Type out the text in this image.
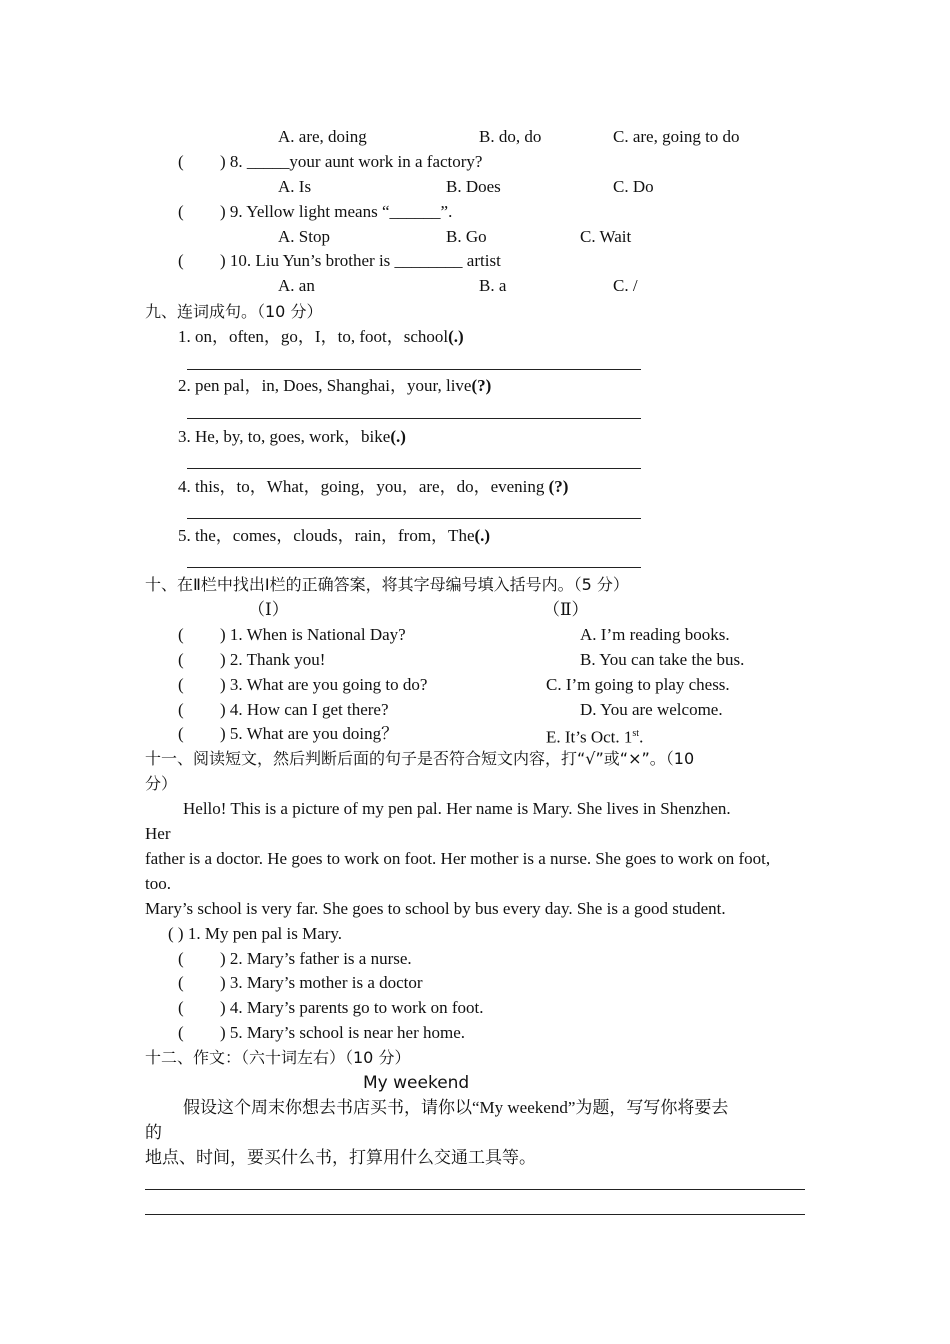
A. are, doing	B. do, do	C. are, going to do
( ) 8. _____your aunt work in a factory?
A. Is	B. Does	C. Do
( ) 9. Yellow light means “______”.
A. Stop	B. Go	C. Wait
( ) 10. Liu Yun’s brother is ________ artist
A. an	B. a	C. /
九、连词成句。（10 分）
1. on，often，go，I，to, foot，school(.)
2. pen pal，in, Does, Shanghai，your, live(?)
3. He, by, to, goes, work，bike(.)
4. this，to，What，going，you，are，do，evening (?)
5. the，comes，clouds，rain，from，The(.)
十、在Ⅱ栏中找出Ⅰ栏的正确答案，将其字母编号填入括号内。（5 分）
（Ⅰ）	（Ⅱ）
( ) 1. When is National Day?	A. I’m reading books.
( ) 2. Thank you!	B. You can take the bus.
( ) 3. What are you going to do?	C. I’m going to play chess.
( ) 4. How can I get there?	D. You are welcome.
( ) 5. What are you doing？	E. It’s Oct. 1st.
十一、阅读短文，然后判断后面的句子是否符合短文内容，打“√”或“×”。（10
分）
Hello! This is a picture of my pen pal. Her name is Mary. She lives in Shenzhen.
Her
father is a doctor. He goes to work on foot. Her mother is a nurse. She goes to work on foot,
too.
Mary’s school is very far. She goes to school by bus every day. She is a good student.
( ) 1. My pen pal is Mary.
( ) 2. Mary’s father is a nurse.
( ) 3. Mary’s mother is a doctor
( ) 4. Mary’s parents go to work on foot.
( ) 5. Mary’s school is near her home.
十二、作文：（六十词左右）（10 分）
My weekend
假设这个周末你想去书店买书，请你以“My weekend”为题，写写你将要去
的
地点、时间，要买什么书，打算用什么交通工具等。
